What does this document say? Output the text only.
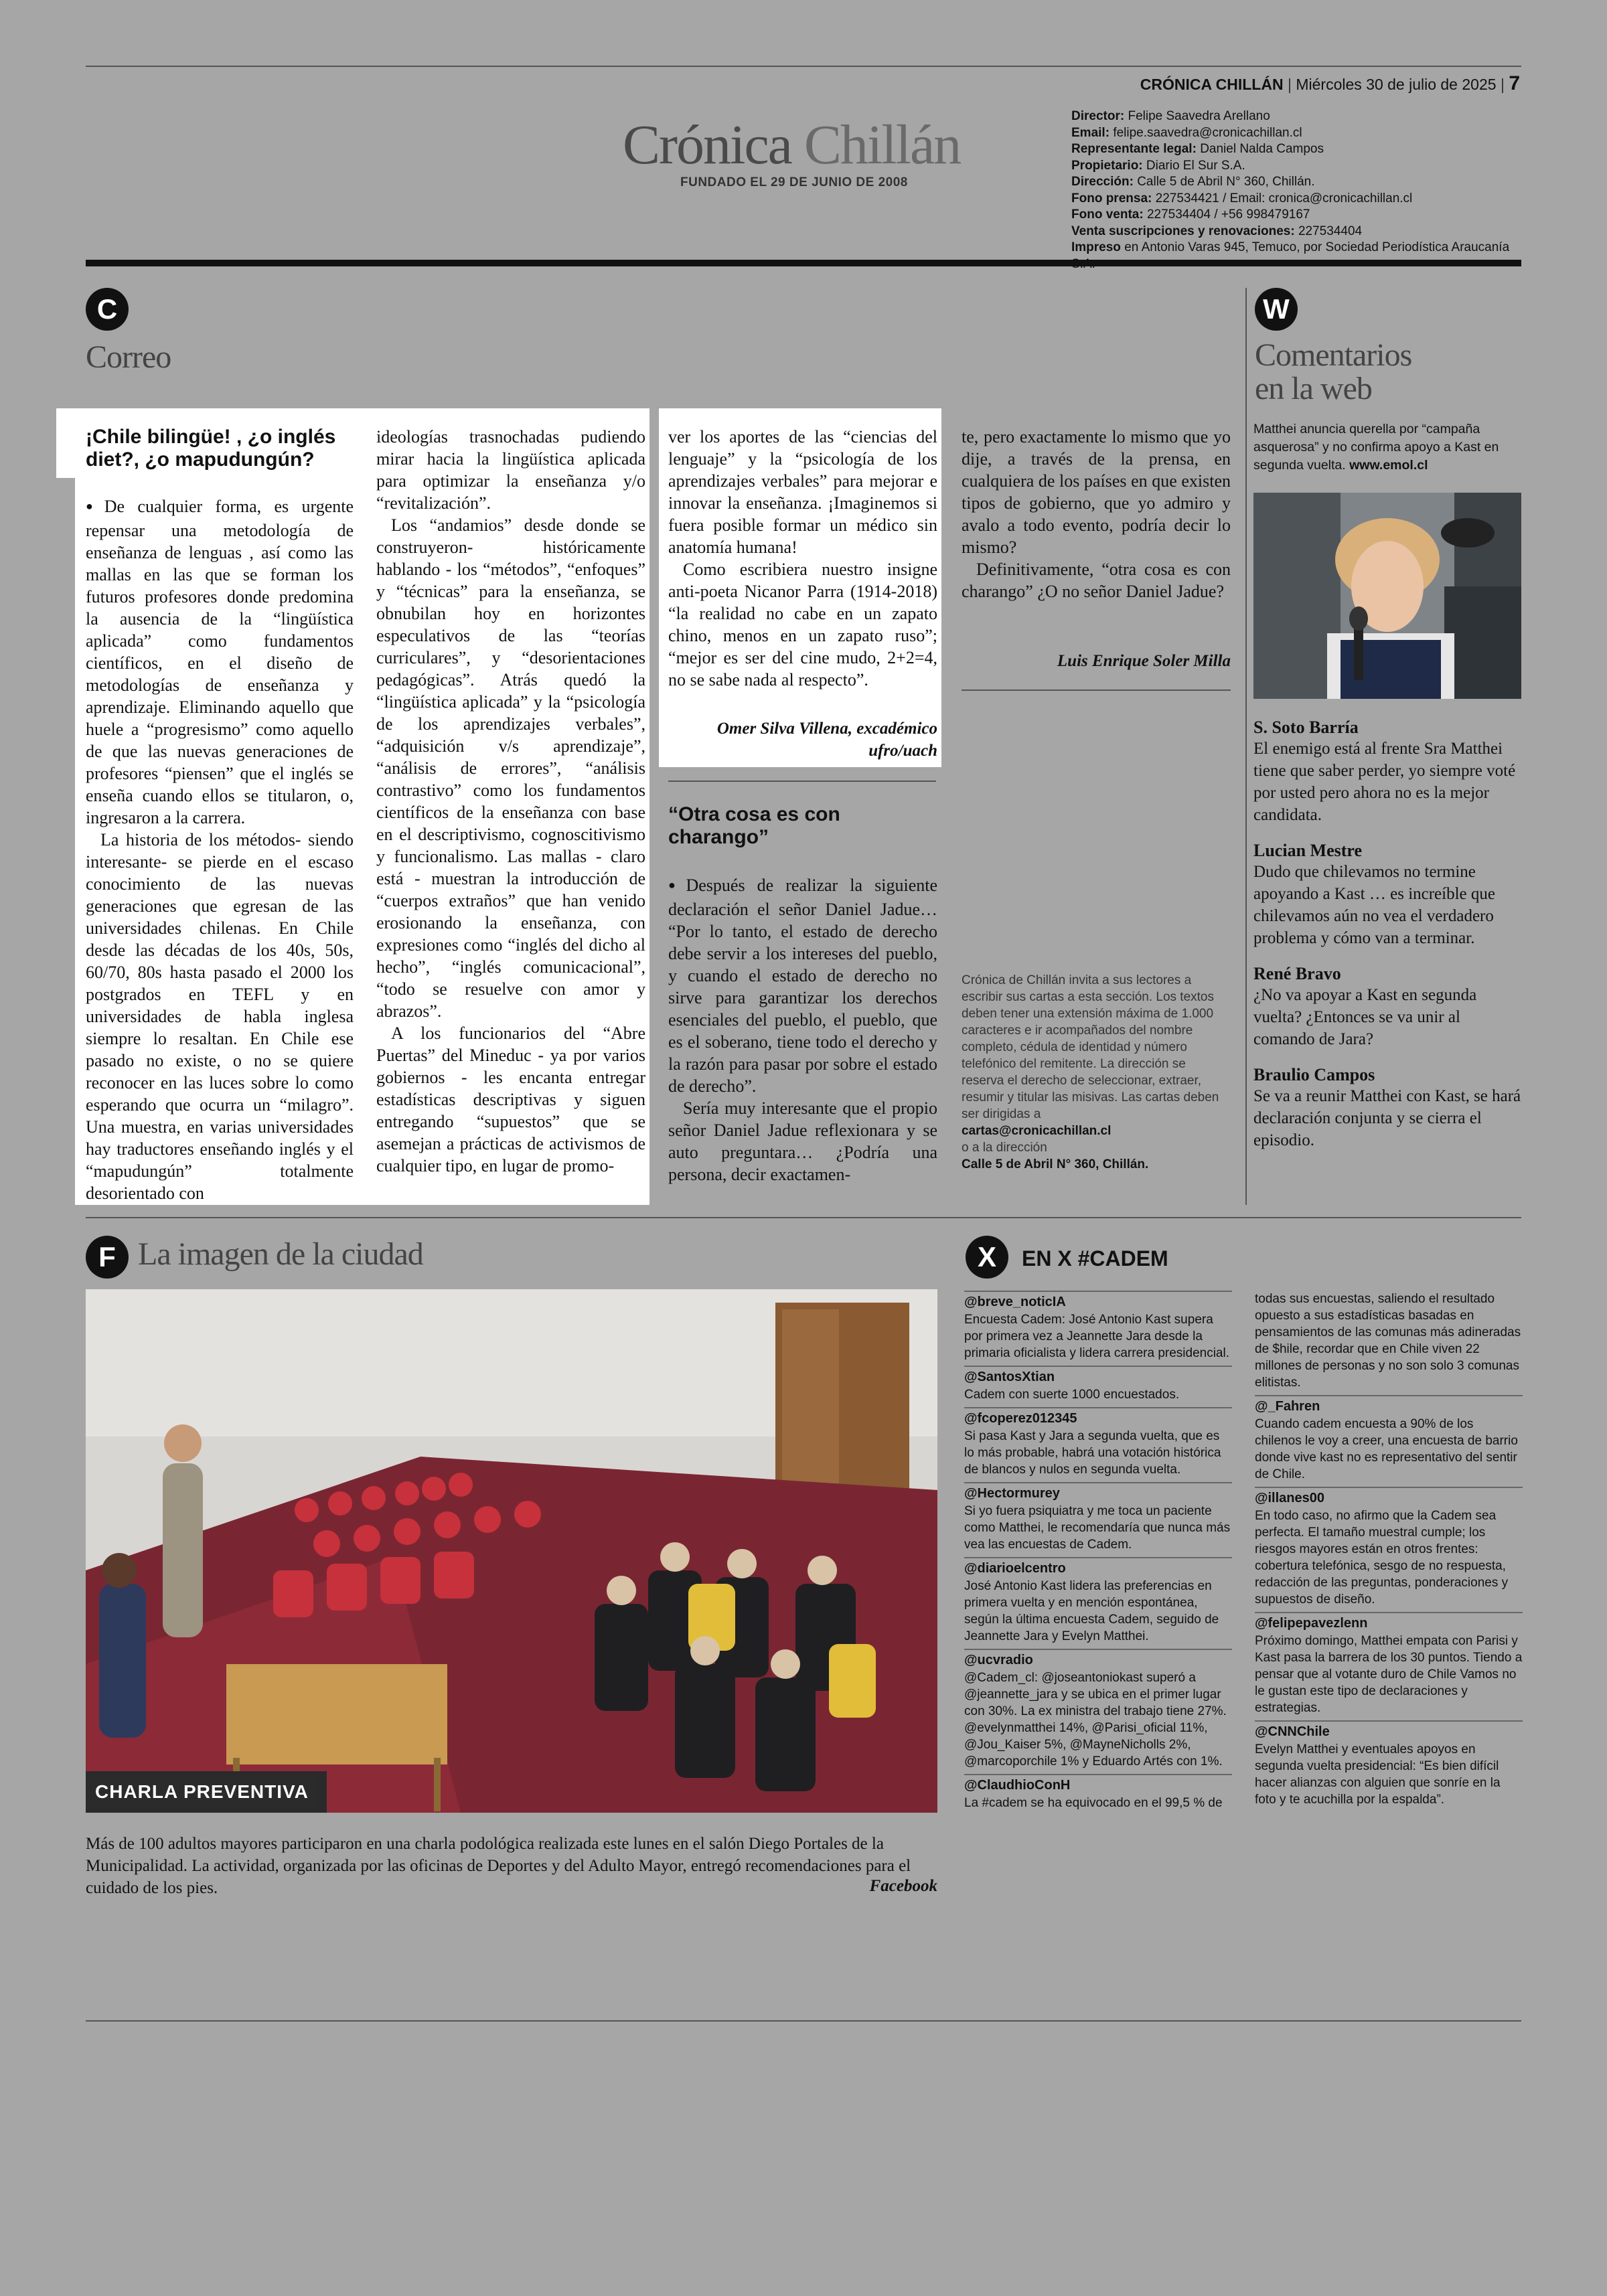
CRÓNICA CHILLÁN | Miércoles 30 de julio de 2025 | 7
Crónica Chillán
FUNDADO EL 29 DE JUNIO DE 2008
Director: Felipe Saavedra Arellano
Email: felipe.saavedra@cronicachillan.cl
Representante legal: Daniel Nalda Campos
Propietario: Diario El Sur S.A.
Dirección: Calle 5 de Abril N° 360, Chillán.
Fono prensa: 227534421 / Email: cronica@cronicachillan.cl
Fono venta: 227534404 / +56 998479167
Venta suscripciones y renovaciones: 227534404
Impreso en Antonio Varas 945, Temuco, por Sociedad Periodística Araucanía
C
Correo
¡Chile bilingüe! , ¿o inglés diet?, ¿o mapudungún?

● De cualquier forma, es urgente repensar una metodología de enseñanza de lenguas , así como las mallas en las que se forman los futuros profesores donde predomina la ausencia de la “lingüística aplicada” como fundamentos científicos, en el diseño de metodologías de enseñanza y aprendizaje. Eliminando aquello que huele a “progresismo” como aquello de que las nuevas generaciones de profesores “piensen” que el inglés se enseña cuando ellos se titularon, o, ingresaron a la carrera.

La historia de los métodos- siendo interesante- se pierde en el escaso conocimiento de las nuevas generaciones que egresan de las universidades chilenas. En Chile desde las décadas de los 40s, 50s, 60/70, 80s hasta pasado el 2000 los postgrados en TEFL y en universidades de habla inglesa siempre lo resaltan. En Chile ese pasado no existe, o no se quiere reconocer en las luces sobre lo como esperando que ocurra un “milagro”. Una muestra, en varias universidades hay traductores enseñando inglés y el “mapudungún” totalmente desorientado con

ideologías trasnochadas pudiendo mirar hacia la lingüística aplicada para optimizar la enseñanza y/o “revitalización”.

Los “andamios” desde donde se construyeron- históricamente hablando - los “métodos”, “enfoques” y “técnicas” para la enseñanza, se obnubilan hoy en horizontes especulativos de las “teorías curriculares”, y “desorientaciones pedagógicas”. Atrás quedó la “lingüística aplicada” y la “psicología de los aprendizajes verbales”, “adquisición v/s aprendizaje”, “análisis de errores”, “análisis contrastivo” como los fundamentos científicos de la enseñanza con base en el descriptivismo, cognoscitivismo y funcionalismo. Las mallas - claro está - muestran la introducción de “cuerpos extraños” que han venido erosionando la enseñanza, con expresiones como “inglés del dicho al hecho”, “inglés comunicacional”, “todo se resuelve con amor y abrazos”.

A los funcionarios del “Abre Puertas” del Mineduc - ya por varios gobiernos - les encanta entregar estadísticas descriptivas y siguen entregando “supuestos” que se asemejan a prácticas de activismos de cualquier tipo, en lugar de promo-

ver los aportes de las “ciencias del lenguaje” y la “psicología de los aprendizajes verbales” para mejorar e innovar la enseñanza. ¡Imaginemos si fuera posible formar un médico sin anatomía humana!

Como escribiera nuestro insigne anti-poeta Nicanor Parra (1914-2018) “la realidad no cabe en un zapato chino, menos en un zapato ruso”; “mejor es ser del cine mudo, 2+2=4, no se sabe nada al respecto”.

Omer Silva Villena, excadémico ufro/uach
“Otra cosa es con charango”

● Después de realizar la siguiente declaración el señor Daniel Jadue… “Por lo tanto, el estado de derecho debe servir a los intereses del pueblo, y cuando el estado de derecho no sirve para garantizar los derechos esenciales del pueblo, el pueblo, que es el soberano, tiene todo el derecho y la razón para pasar por sobre el estado de derecho”.

Sería muy interesante que el propio señor Daniel Jadue reflexionara y se auto preguntara… ¿Podría una persona, decir exactamen-

te, pero exactamente lo mismo que yo dije, a través de la prensa, en cualquiera de los países en que existen tipos de gobierno, que yo admiro y avalo a todo evento, podría decir lo mismo?

Definitivamente, “otra cosa es con charango” ¿O no señor Daniel Jadue?

Luis Enrique Soler Milla
Crónica de Chillán invita a sus lectores a escribir sus cartas a esta sección. Los textos deben tener una extensión máxima de 1.000 caracteres e ir acompañados del nombre completo, cédula de identidad y número telefónico del remitente. La dirección se reserva el derecho de seleccionar, extraer, resumir y titular las misivas. Las cartas deben ser dirigidas a
cartas@cronicachillan.cl
o a la dirección
Calle 5 de Abril N° 360, Chillán.
W
Comentarios
en la web
Matthei anuncia querella por “campaña asquerosa” y no confirma apoyo a Kast en segunda vuelta. www.emol.cl
S. Soto Barría
El enemigo está al frente Sra Matthei tiene que saber perder, yo siempre voté por usted pero ahora no es la mejor candidata.
Lucian Mestre
Dudo que chilevamos no termine apoyando a Kast … es increíble que chilevamos aún no vea el verdadero problema y cómo van a terminar.
René Bravo
¿No va apoyar a Kast en segunda vuelta? ¿Entonces se va unir al comando de Jara?
Braulio Campos
Se va a reunir Matthei con Kast, se hará declaración conjunta y se cierra el episodio.
F La imagen de la ciudad
CHARLA PREVENTIVA
Más de 100 adultos mayores participaron en una charla podológica realizada este lunes en el salón Diego Portales de la Municipalidad. La actividad, organizada por las oficinas de Deportes y del Adulto Mayor, entregó recomendaciones para el cuidado de los pies.	Facebook
X	EN X #CADEM
@breve_noticIA
Encuesta Cadem: José Antonio Kast supera por primera vez a Jeannette Jara desde la primaria oficialista y lidera carrera presidencial.
@SantosXtian
Cadem con suerte 1000 encuestados.
@fcoperez012345
Si pasa Kast y Jara a segunda vuelta, que es lo más probable, habrá una votación histórica de blancos y nulos en segunda vuelta.
@Hectormurey
Si yo fuera psiquiatra y me toca un paciente como Matthei, le recomendaría que nunca más vea las encuestas de Cadem.
@diarioelcentro
José Antonio Kast lidera las preferencias en primera vuelta y en mención espontánea, según la última encuesta Cadem, seguido de Jeannette Jara y Evelyn Matthei.
@ucvradio
@Cadem_cl: @joseantoniokast superó a @jeannette_jara y se ubica en el primer lugar con 30%. La ex ministra del trabajo tiene 27%. @evelynmatthei 14%, @Parisi_oficial 11%, @Jou_Kaiser 5%, @MayneNicholls 2%, @marcoporchile 1% y Eduardo Artés con 1%.
@ClaudhioConH
La #cadem se ha equivocado en el 99,5 % de
todas sus encuestas, saliendo el resultado opuesto a sus estadísticas basadas en pensamientos de las comunas más adineradas de $hile, recordar que en Chile viven 22 millones de personas y no son solo 3 comunas elitistas.
@_Fahren
Cuando cadem encuesta a 90% de los chilenos le voy a creer, una encuesta de barrio donde vive kast no es representativo del sentir de Chile.
@illanes00
En todo caso, no afirmo que la Cadem sea perfecta. El tamaño muestral cumple; los riesgos mayores están en otros frentes: cobertura telefónica, sesgo de no respuesta, redacción de las preguntas, ponderaciones y supuestos de diseño.
@felipepavezlenn
Próximo domingo, Matthei empata con Parisi y Kast pasa la barrera de los 30 puntos. Tiendo a pensar que al votante duro de Chile Vamos no le gustan este tipo de declaraciones y estrategias.
@CNNChile
Evelyn Matthei y eventuales apoyos en segunda vuelta presidencial: “Es bien difícil hacer alianzas con alguien que sonríe en la foto y te acuchilla por la espalda”.
